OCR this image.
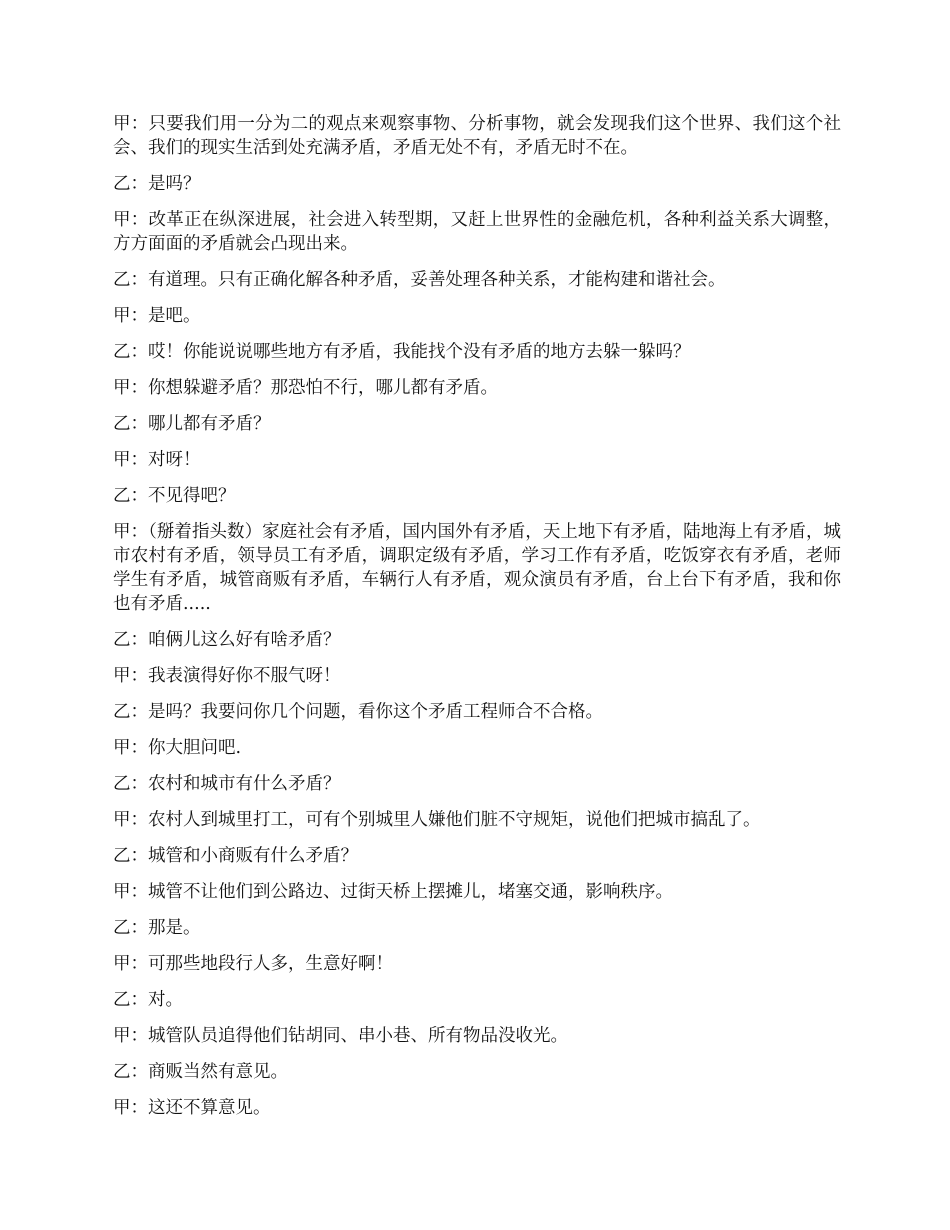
甲：只要我们用一分为二的观点来观察事物、分析事物，就会发现我们这个世界、我们这个社会、我们的现实生活到处充满矛盾，矛盾无处不有，矛盾无时不在。

乙：是吗？

甲：改革正在纵深进展，社会进入转型期，又赶上世界性的金融危机，各种利益关系大调整，方方面面的矛盾就会凸现出来。

乙：有道理。只有正确化解各种矛盾，妥善处理各种关系，才能构建和谐社会。

甲：是吧。

乙：哎！你能说说哪些地方有矛盾，我能找个没有矛盾的地方去躲一躲吗？

甲：你想躲避矛盾？那恐怕不行，哪儿都有矛盾。

乙：哪儿都有矛盾？

甲：对呀！

乙：不见得吧？

甲：（掰着指头数）家庭社会有矛盾，国内国外有矛盾，天上地下有矛盾，陆地海上有矛盾，城市农村有矛盾，领导员工有矛盾，调职定级有矛盾，学习工作有矛盾，吃饭穿衣有矛盾，老师学生有矛盾，城管商贩有矛盾，车辆行人有矛盾，观众演员有矛盾，台上台下有矛盾，我和你也有矛盾.....

乙：咱俩儿这么好有啥矛盾？

甲：我表演得好你不服气呀！

乙：是吗？我要问你几个问题，看你这个矛盾工程师合不合格。

甲：你大胆问吧.

乙：农村和城市有什么矛盾？

甲：农村人到城里打工，可有个别城里人嫌他们脏不守规矩，说他们把城市搞乱了。

乙：城管和小商贩有什么矛盾？

甲：城管不让他们到公路边、过街天桥上摆摊儿，堵塞交通，影响秩序。

乙：那是。

甲：可那些地段行人多，生意好啊！

乙：对。

甲：城管队员追得他们钻胡同、串小巷、所有物品没收光。

乙：商贩当然有意见。

甲：这还不算意见。
